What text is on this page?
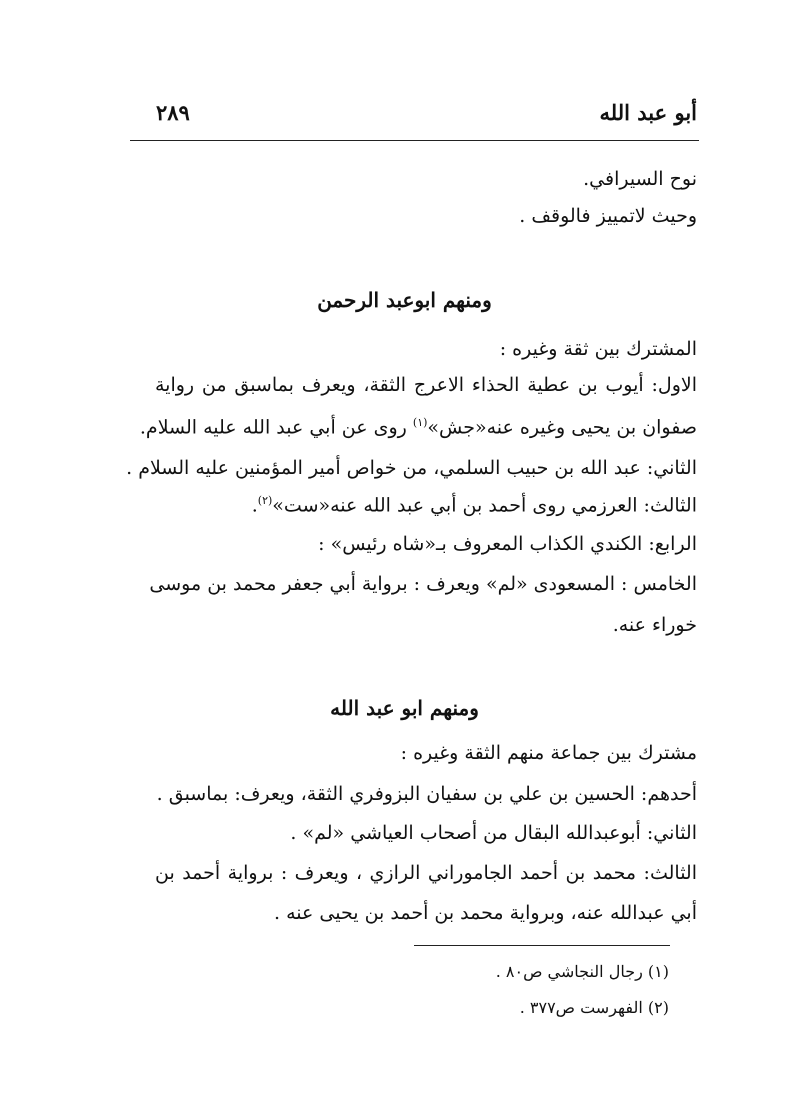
أبو عبد الله
٢٨٩
نوح السيرافي.
وحيث لاتمييز فالوقف .
ومنهم ابوعبد الرحمن
المشترك بين ثقة وغيره :
الاول: أيوب بن عطية الحذاء الاعرج الثقة، ويعرف بماسبق من رواية
صفوان بن يحيى وغيره عنه«جش»$^{(١)}$ روى عن أبي عبد الله عليه السلام.
الثاني: عبد الله بن حبيب السلمي، من خواص أمير المؤمنين عليه السلام .
الثالث: العرزمي روى أحمد بن أبي عبد الله عنه«ست»$^{(٢)}$.
الرابع: الكندي الكذاب المعروف بـ«شاه رئيس» :
الخامس : المسعودى «لم» ويعرف : برواية أبي جعفر محمد بن موسى
خوراء عنه.
ومنهم ابو عبد الله
مشترك بين جماعة منهم الثقة وغيره :
أحدهم: الحسين بن علي بن سفيان البزوفري الثقة، ويعرف: بماسبق .
الثاني: أبوعبدالله البقال من أصحاب العياشي «لم» .
الثالث: محمد بن أحمد الجاموراني الرازي ، ويعرف : برواية أحمد بن
أبي عبدالله عنه، وبرواية محمد بن أحمد بن يحيى عنه .
(١) رجال النجاشي ص٨٠ .
(٢) الفهرست ص٣٧٧ .
